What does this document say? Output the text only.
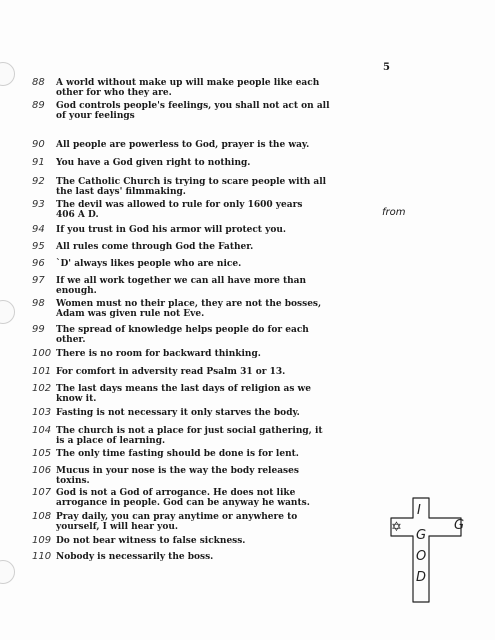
5
88	A world without make up will make people like each
other for who they are.
89	God controls people's feelings, you shall not act on all
of your feelings
90	All people are powerless to God, prayer is the way.
91	You have a God given right to nothing.
92	The Catholic Church is trying to scare people with all
the last days' filmmaking.
93	The devil was allowed to rule for only 1600 years
406 A D.
94	If you trust in God his armor will protect you.
95	All rules come through God the Father.
96	`D' always likes people who are nice.
97	If we all work together we can all have more than
enough.
98	Women must no their place, they are not the bosses,
Adam was given rule not Eve.
99	The spread of knowledge helps people do for each
other.
100 There is no room for backward thinking.
101 For comfort in adversity read Psalm 31 or 13.
102 The last days means the last days of religion as we
know it.
103 Fasting is not necessary it only starves the body.
104 The church is not a place for just social gathering, it
is a place of learning.
105 The only time fasting should be done is for lent.
106 Mucus in your nose is the way the body releases
toxins.
107 God is not a God of arrogance. He does not like
arrogance in people. God can be anyway he wants.
108 Pray daily, you can pray anytime or anywhere to
yourself, I will hear you.
109 Do not bear witness to false sickness.
110 Nobody is necessarily the boss.
from
I
G
✡
G
O
D
